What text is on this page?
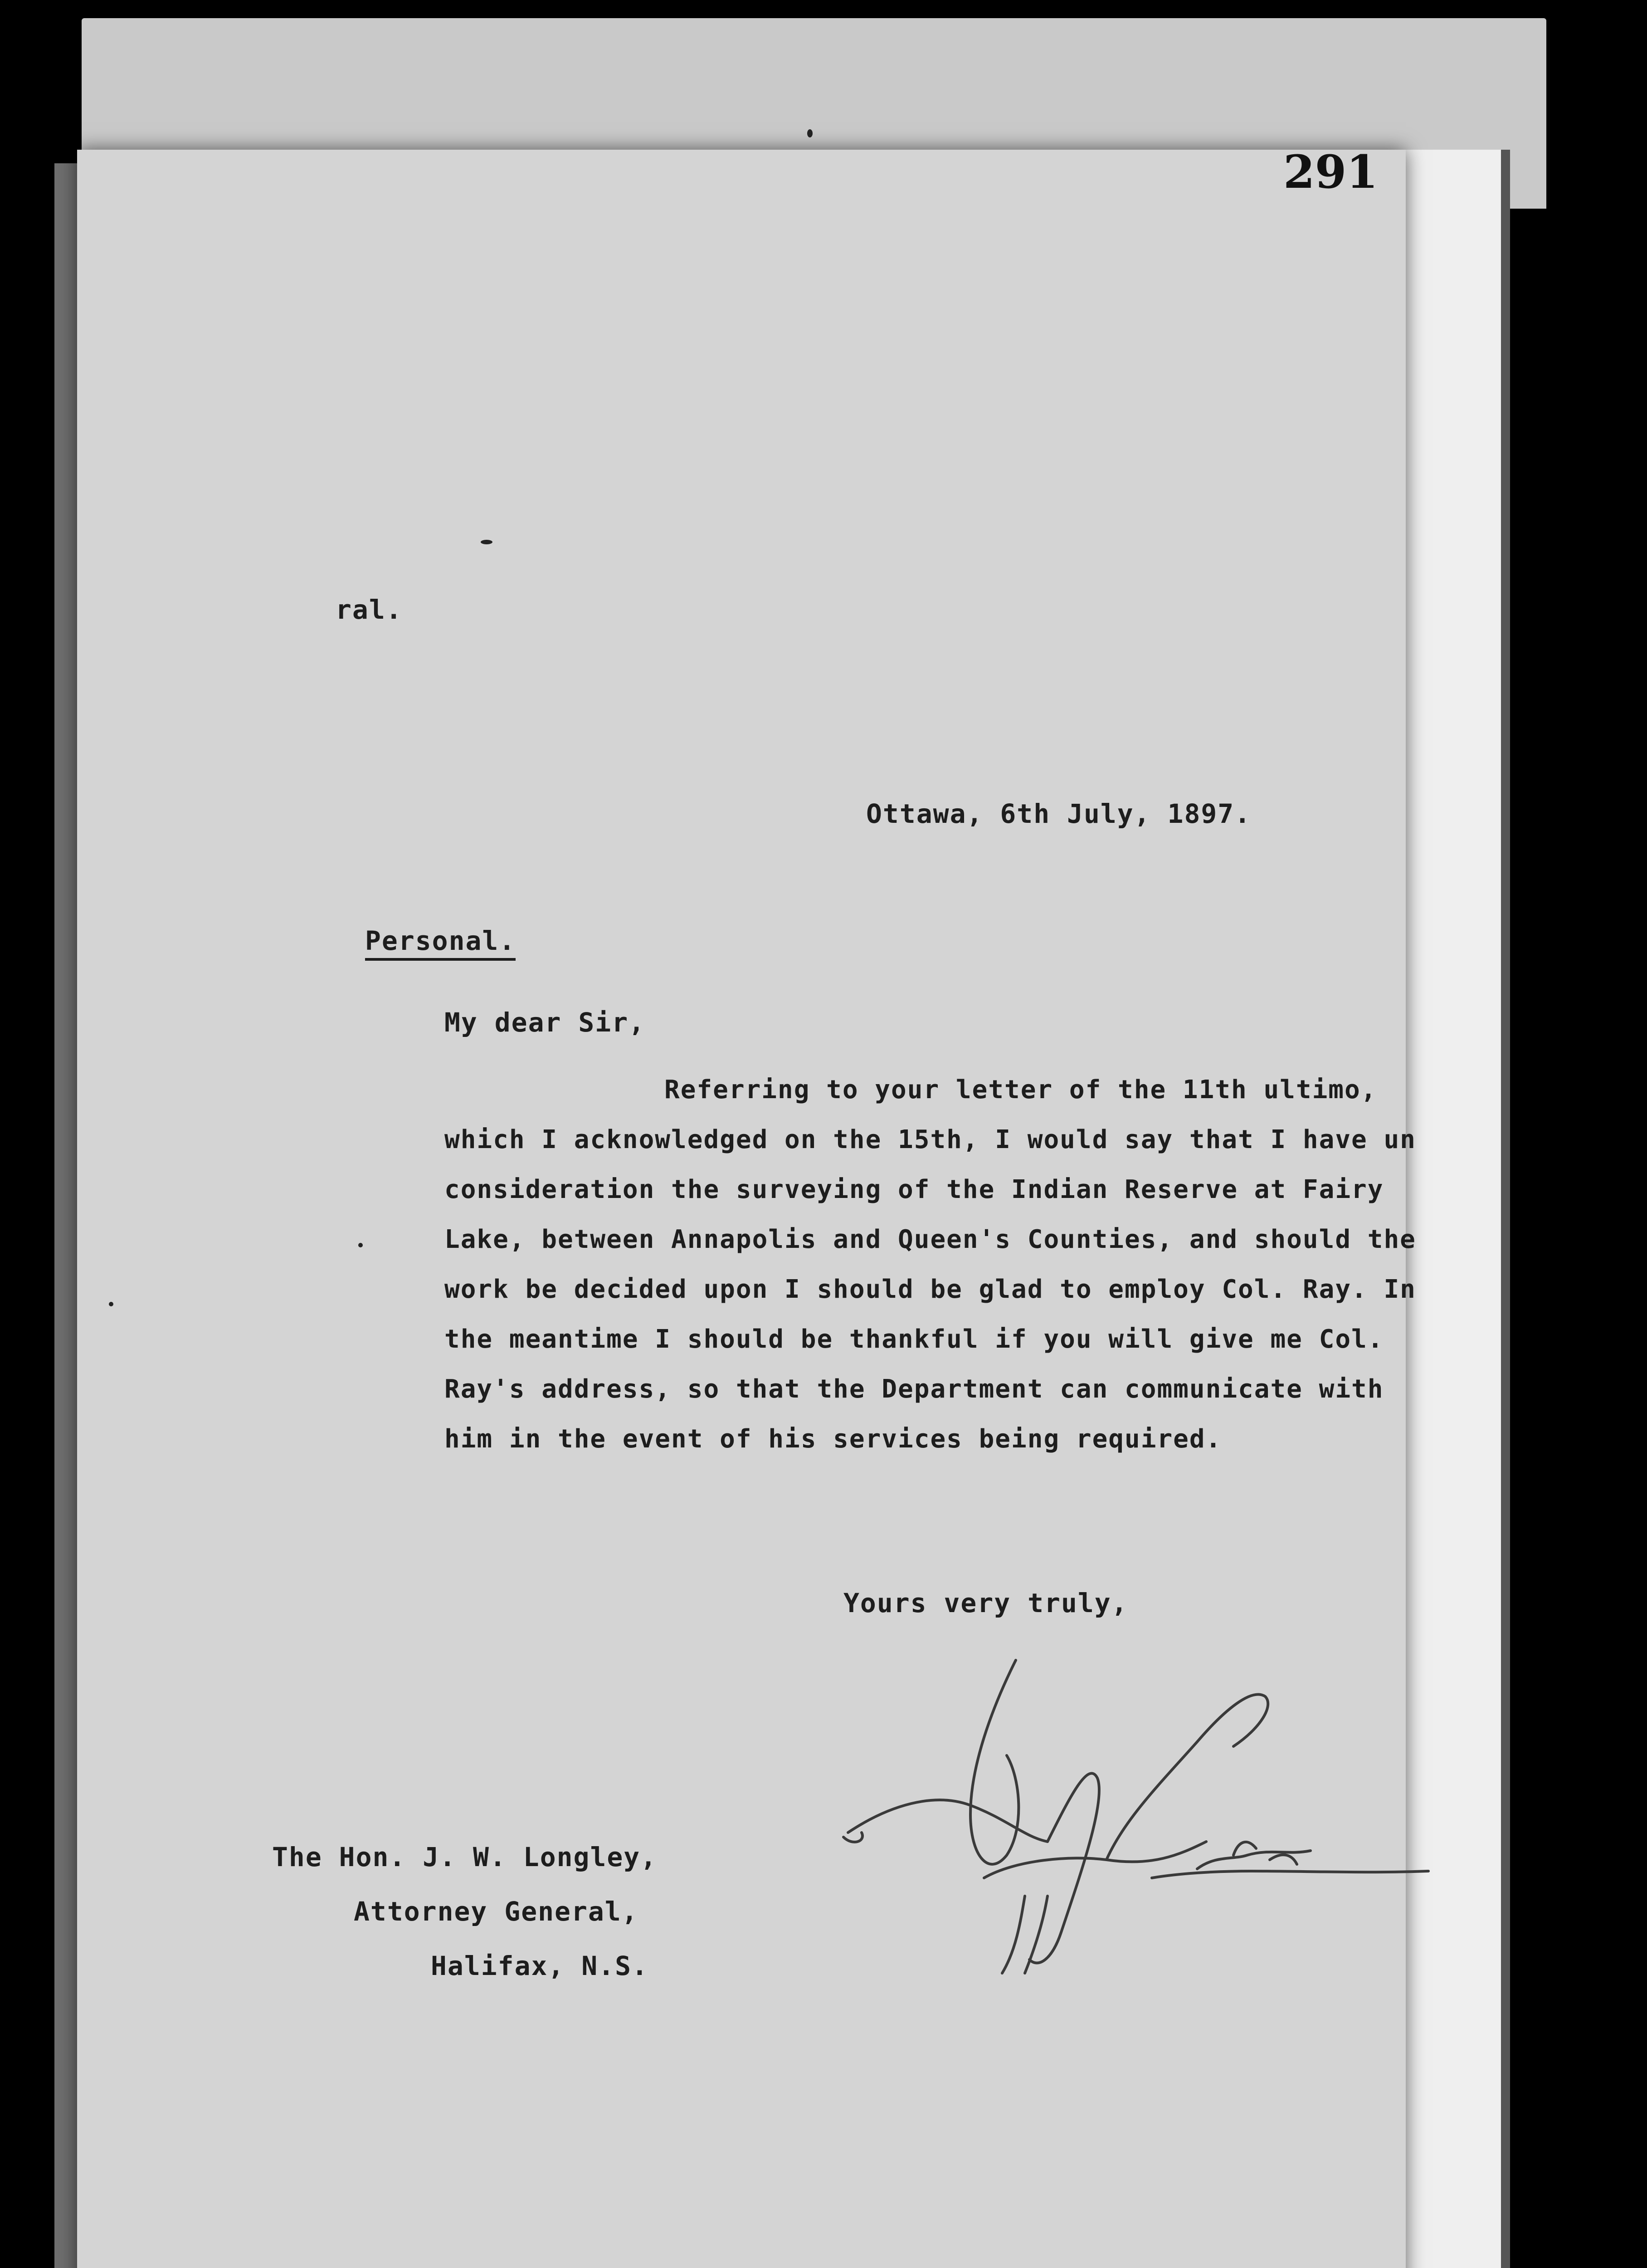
291
ral.
Ottawa, 6th July, 1897.
Personal.
My dear Sir,
Referring to your letter of the 11th ultimo,
which I acknowledged on the 15th, I would say that I have un
consideration the surveying of the Indian Reserve at Fairy
Lake, between Annapolis and Queen's Counties, and should the
work be decided upon I should be glad to employ Col. Ray. In
the meantime I should be thankful if you will give me Col.
Ray's address, so that the Department can communicate with
him in the event of his services being required.
Yours very truly,
The Hon. J. W. Longley,
Attorney General,
Halifax, N.S.
